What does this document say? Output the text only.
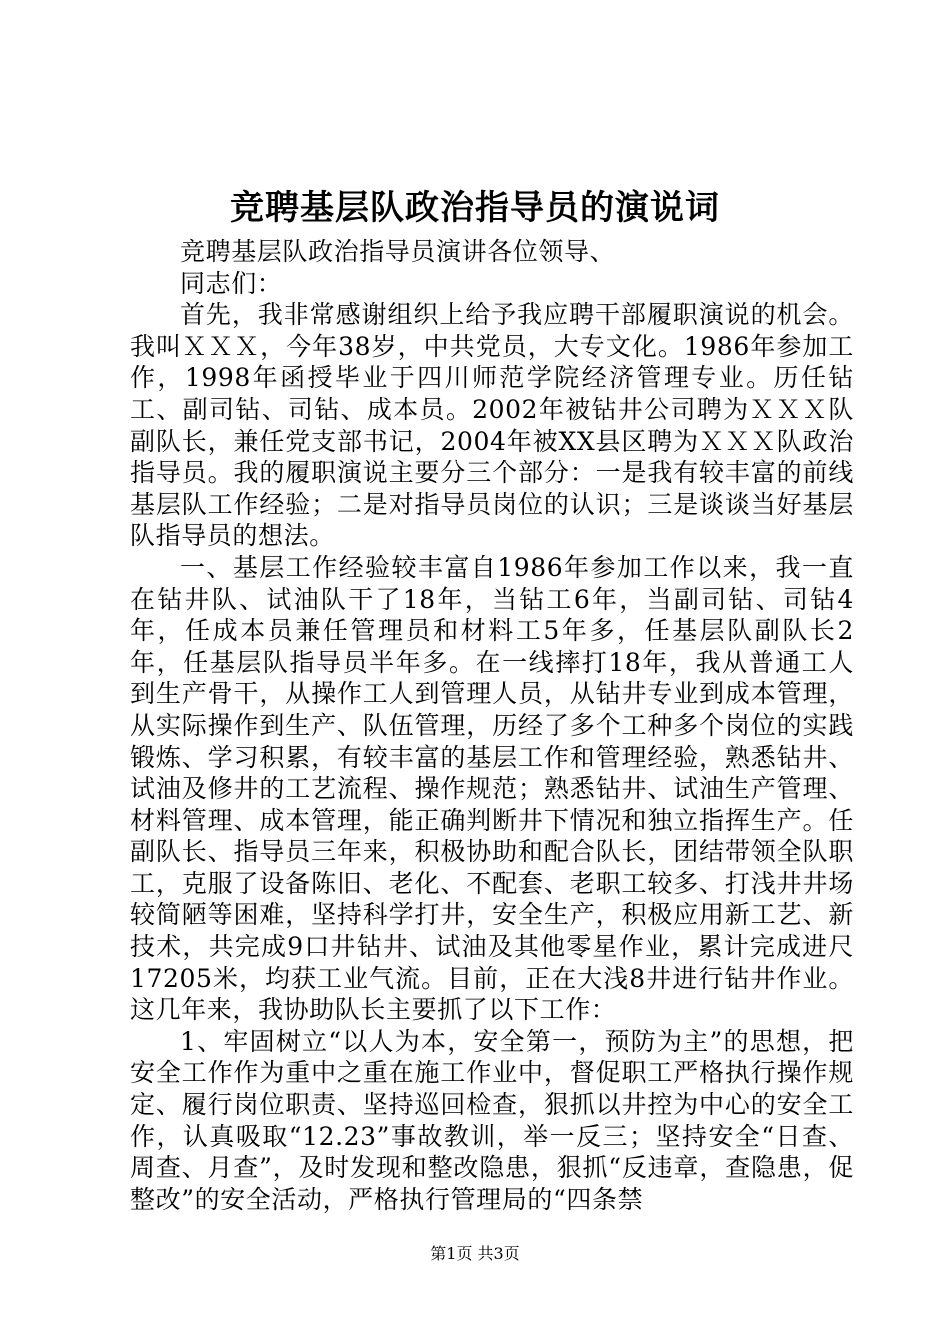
竞聘基层队政治指导员的演说词

竞聘基层队政治指导员演讲各位领导、

同志们：

首先，我非常感谢组织上给予我应聘干部履职演说的机会。我叫ＸＸＸ，今年38岁，中共党员，大专文化。1986年参加工作，1998年函授毕业于四川师范学院经济管理专业。历任钻工、副司钻、司钻、成本员。2002年被钻井公司聘为ＸＸＸ队副队长，兼任党支部书记，2004年被XX县区聘为ＸＸＸ队政治指导员。我的履职演说主要分三个部分：一是我有较丰富的前线基层队工作经验；二是对指导员岗位的认识；三是谈谈当好基层队指导员的想法。

一、基层工作经验较丰富自1986年参加工作以来，我一直在钻井队、试油队干了18年，当钻工6年，当副司钻、司钻4年，任成本员兼任管理员和材料工5年多，任基层队副队长2年，任基层队指导员半年多。在一线摔打18年，我从普通工人到生产骨干，从操作工人到管理人员，从钻井专业到成本管理，从实际操作到生产、队伍管理，历经了多个工种多个岗位的实践锻炼、学习积累，有较丰富的基层工作和管理经验，熟悉钻井、试油及修井的工艺流程、操作规范；熟悉钻井、试油生产管理、材料管理、成本管理，能正确判断井下情况和独立指挥生产。任副队长、指导员三年来，积极协助和配合队长，团结带领全队职工，克服了设备陈旧、老化、不配套、老职工较多、打浅井井场较简陋等困难，坚持科学打井，安全生产，积极应用新工艺、新技术，共完成9口井钻井、试油及其他零星作业，累计完成进尺17205米，均获工业气流。目前，正在大浅8井进行钻井作业。这几年来，我协助队长主要抓了以下工作：

1、牢固树立“以人为本，安全第一，预防为主”的思想，把安全工作作为重中之重在施工作业中，督促职工严格执行操作规定、履行岗位职责、坚持巡回检查，狠抓以井控为中心的安全工作，认真吸取“12.23”事故教训，举一反三；坚持安全“日查、周查、月查”，及时发现和整改隐患，狠抓“反违章，查隐患，促整改”的安全活动，严格执行管理局的“四条禁

第1页 共3页
